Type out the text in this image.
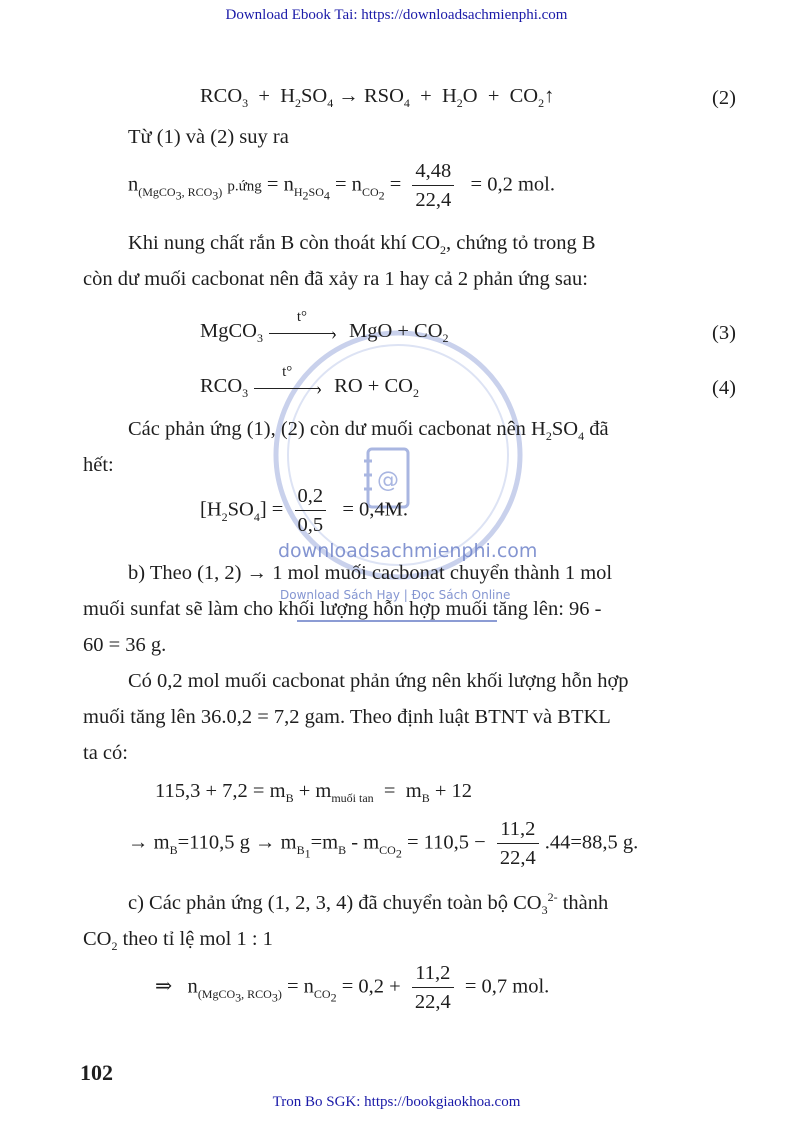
Download Ebook Tai: https://downloadsachmienphi.com
@
downloadsachmienphi.com
Download Sách Hay | Đọc Sách Online
$RCO_3 + H_2SO_4 \to RSO_4 + H_2O$  +  $CO_2↑$	(2)
Từ (1) và (2) suy ra
$n_{(MgCO_3, RCO_3)}$ p.ứng = $n_{H_2SO_4} = n_{CO_2} = \frac{4,48}{22,4} = 0,2$ mol.
Khi nung chất rắn B còn thoát khí $CO_2$, chứng tỏ trong B
còn dư muối cacbonat nên đã xảy ra 1 hay cả 2 phản ứng sau:
MgCO$_3$
t°
› MgO + $CO_2$	(3)
$RCO_3$
t°
› RO + $CO_2$	(4)
Các phản ứng (1), (2) còn dư muối cacbonat nên $H_2SO_4$ đã
hết:
$[H_2SO_4] = \frac{0,2}{0,5} = 0,4M$.
b) Theo (1, 2) → 1 mol muối cacbonat chuyển thành 1 mol
muối sunfat sẽ làm cho khối lượng hỗn hợp muối tăng lên: 96 -
60 = 36 g.
Có 0,2 mol muối cacbonat phản ứng nên khối lượng hỗn hợp
muối tăng lên 36.0,2 = 7,2 gam. Theo định luật BTNT và BTKL
ta có:
$115,3 + 7,2 = m_B + m_{muối tan} = m_B + 12$
→ $m_B=110,5$ $g \to m_{B_1}=m_B - m_{CO_2} = 110,5 - \frac{11,2}{22,4} .44=88,5$ g.
c) Các phản ứng (1, 2, 3, 4) đã chuyển toàn bộ $CO_3^{2-}$ thành
$CO_2$ theo tỉ lệ mol 1 : 1
⇒   $n_{(MgCO_3, RCO_3)} = n_{CO_2} = 0,2 + \frac{11,2}{22,4} = 0,7$ mol.
102
Tron Bo SGK: https://bookgiaokhoa.com
